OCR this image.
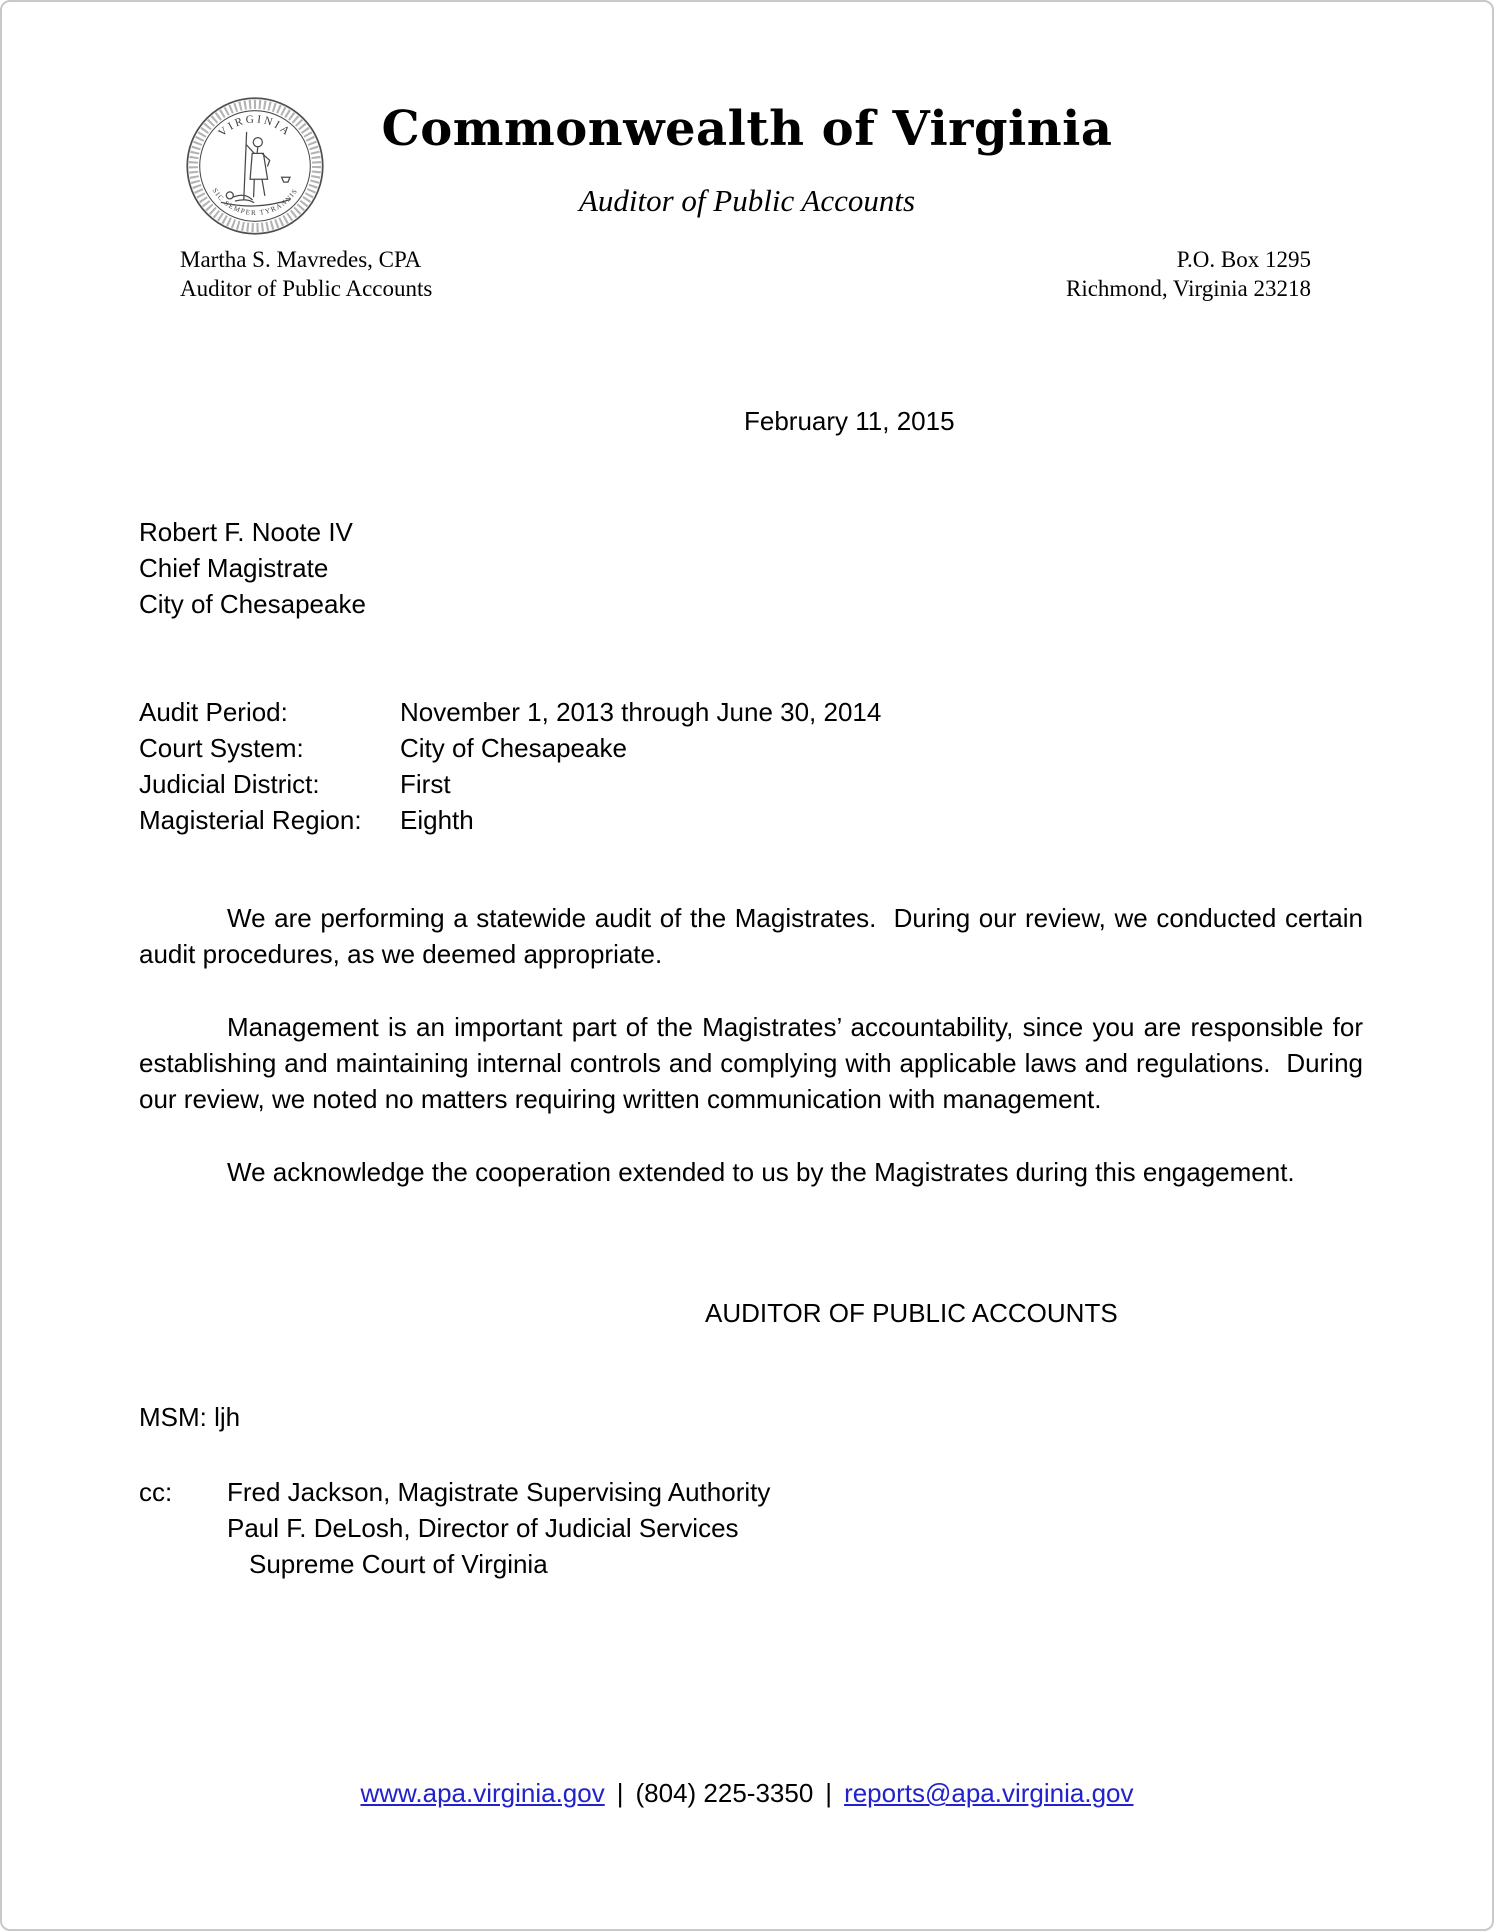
VIRGINIA
SIC SEMPER TYRANNIS
Commonwealth of Virginia
Auditor of Public Accounts
Martha S. Mavredes, CPA
Auditor of Public Accounts
P.O. Box 1295
Richmond, Virginia 23218
February 11, 2015
Robert F. Noote IV
Chief Magistrate
City of Chesapeake
Audit Period:	November 1, 2013 through June 30, 2014
Court System:	City of Chesapeake
Judicial District:	First
Magisterial Region:	Eighth

We are performing a statewide audit of the Magistrates.  During our review, we conducted certain audit procedures, as we deemed appropriate.

Management is an important part of the Magistrates’ accountability, since you are responsible for establishing and maintaining internal controls and complying with applicable laws and regulations.  During our review, we noted no matters requiring written communication with management.

We acknowledge the cooperation extended to us by the Magistrates during this engagement.

AUDITOR OF PUBLIC ACCOUNTS
MSM: ljh
cc:	Fred Jackson, Magistrate Supervising Authority
Paul F. DeLosh, Director of Judicial Services
Supreme Court of Virginia
www.apa.virginia.gov | (804) 225-3350 | reports@apa.virginia.gov
